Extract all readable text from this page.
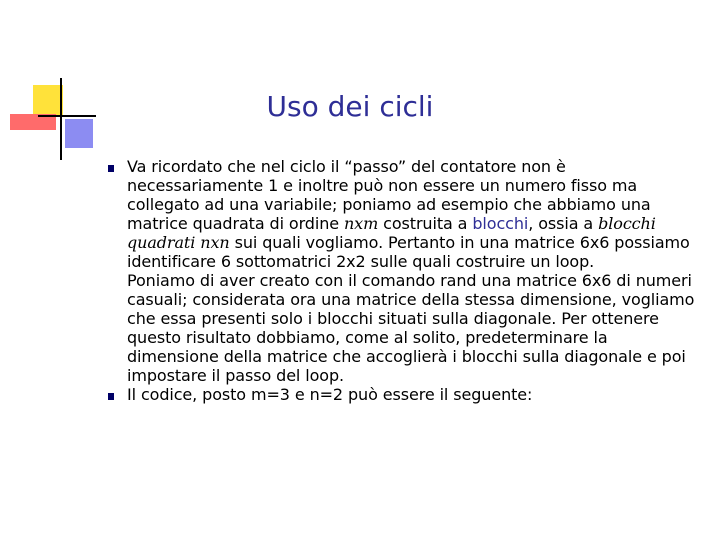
Uso dei cicli
Va ricordato che nel ciclo il “passo” del contatore non è necessariamente 1 e inoltre può non essere un numero fisso ma collegato ad una variabile; poniamo ad esempio che abbiamo una matrice quadrata di ordine nxm costruita a blocchi, ossia a blocchi quadrati nxn sui quali vogliamo. Pertanto in una matrice 6x6 possiamo identificare 6 sottomatrici 2x2 sulle quali costruire un loop.
Poniamo di aver creato con il comando rand una matrice 6x6 di numeri casuali; considerata ora una matrice della stessa dimensione, vogliamo che essa presenti solo i blocchi situati sulla diagonale. Per ottenere questo risultato dobbiamo, come al solito, predeterminare la dimensione della matrice che accoglierà i blocchi sulla diagonale e poi impostare il passo del loop.
Il codice, posto m=3 e n=2 può essere il seguente:
